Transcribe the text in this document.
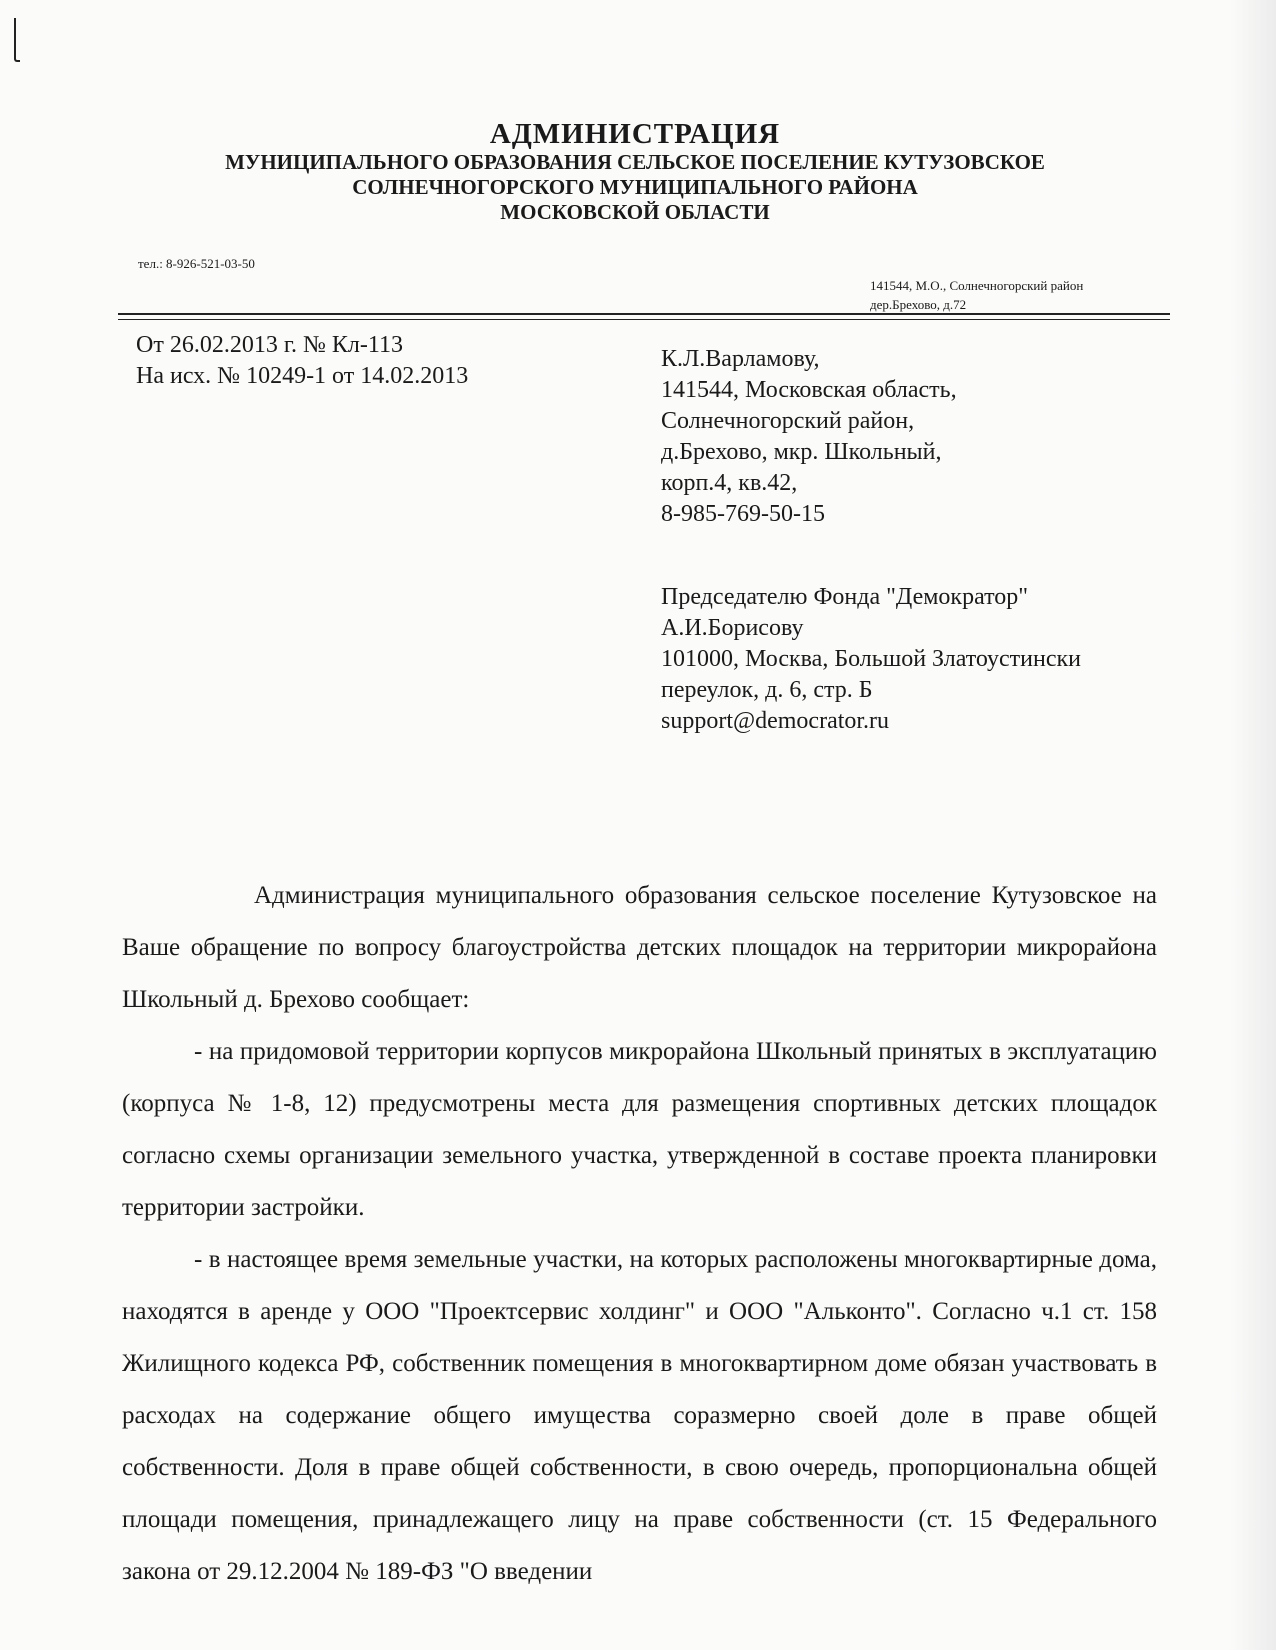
АДМИНИСТРАЦИЯ

МУНИЦИПАЛЬНОГО ОБРАЗОВАНИЯ СЕЛЬСКОЕ ПОСЕЛЕНИЕ КУТУЗОВСКОЕ

СОЛНЕЧНОГОРСКОГО МУНИЦИПАЛЬНОГО РАЙОНА

МОСКОВСКОЙ ОБЛАСТИ

тел.: 8-926-521-03-50
141544, М.О., Солнечногорский район
дер.Брехово, д.72
От 26.02.2013 г. № Кл-113
На исх. № 10249-1 от 14.02.2013
К.Л.Варламову,
141544, Московская область,
Солнечногорский район,
д.Брехово, мкр. Школьный,
корп.4, кв.42,
8-985-769-50-15
Председателю Фонда "Демократор"
А.И.Борисову
101000, Москва, Большой Златоустински
переулок, д. 6, стр. Б
support@democrator.ru

Администрация муниципального образования сельское поселение Кутузовское на Ваше обращение по вопросу благоустройства детских площадок на территории микрорайона Школьный д. Брехово сообщает:

- на придомовой территории корпусов микрорайона Школьный принятых в эксплуатацию (корпуса № 1-8, 12) предусмотрены места для размещения спортивных детских площадок согласно схемы организации земельного участка, утвержденной в составе проекта планировки территории застройки.

- в настоящее время земельные участки, на которых расположены многоквартирные дома, находятся в аренде у ООО "Проектсервис холдинг" и ООО "Альконто". Согласно ч.1 ст. 158 Жилищного кодекса РФ, собственник помещения в многоквартирном доме обязан участвовать в расходах на содержание общего имущества соразмерно своей доле в праве общей собственности. Доля в праве общей собственности, в свою очередь, пропорциональна общей площади помещения, принадлежащего лицу на праве собственности (ст. 15 Федерального закона от 29.12.2004 № 189-ФЗ "О введении
